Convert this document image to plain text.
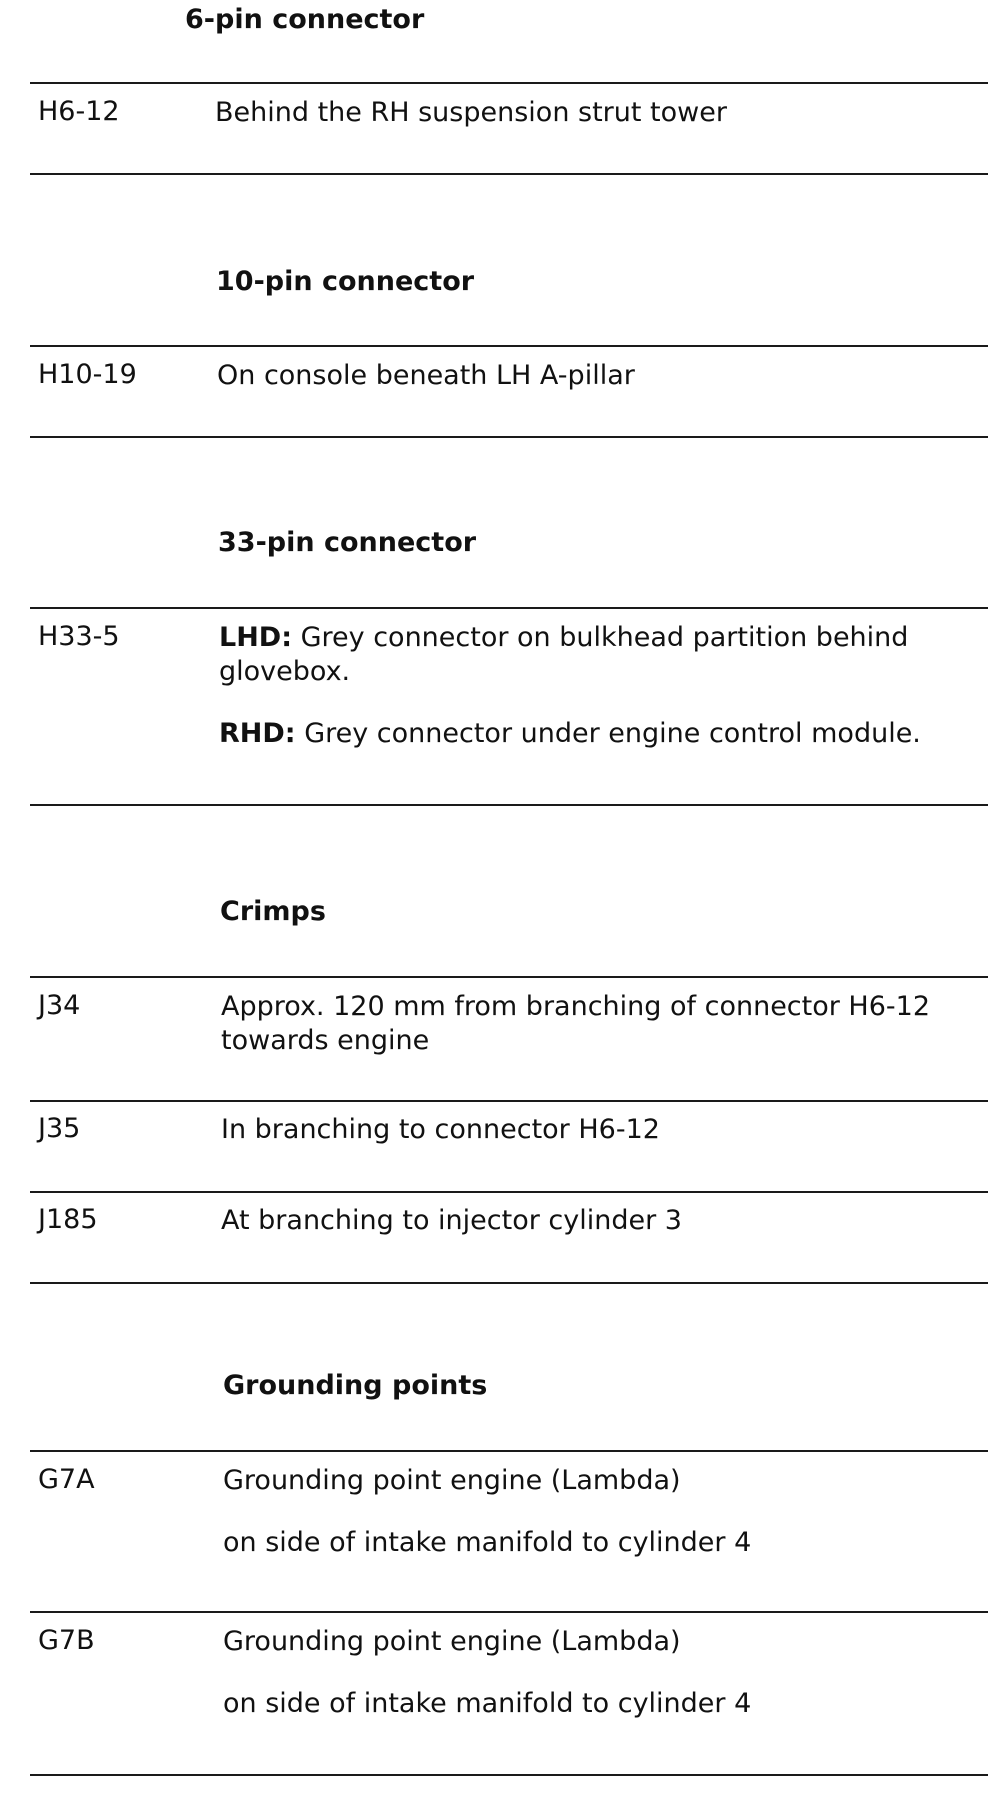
6-pin connector
H6-12	Behind the RH suspension strut tower

10-pin connector
H10-19	On console beneath LH A-pillar

33-pin connector
H33-5	LHD: Grey connector on bulkhead partition behind glovebox.

RHD: Grey connector under engine control module.

Crimps
J34	Approx. 120 mm from branching of connector H6-12 towards engine

J35	In branching to connector H6-12

J185	At branching to injector cylinder 3

Grounding points
G7A	Grounding point engine (Lambda)

on side of intake manifold to cylinder 4

G7B	Grounding point engine (Lambda)

on side of intake manifold to cylinder 4
